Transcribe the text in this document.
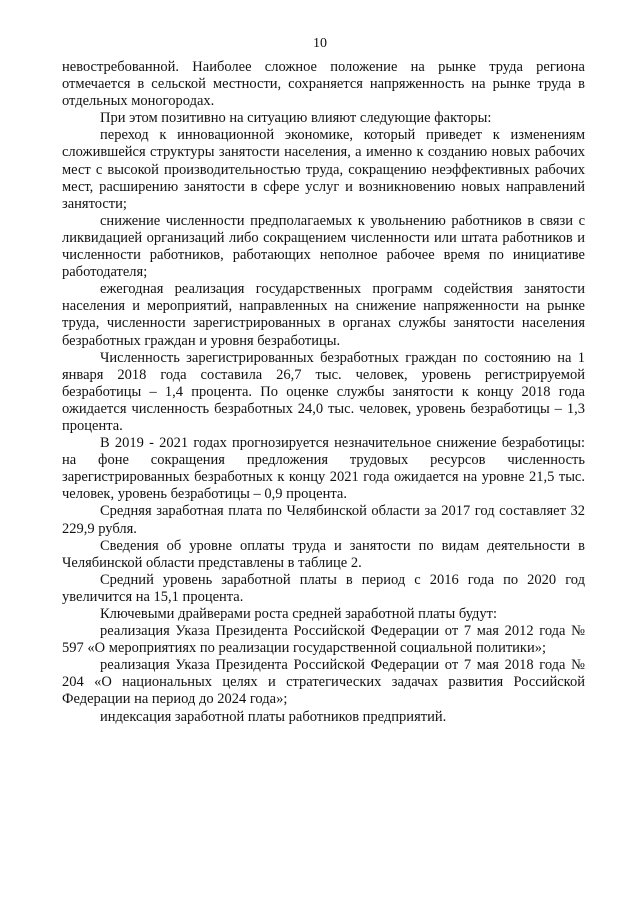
10

невостребованной. Наиболее сложное положение на рынке труда региона отмечается в сельской местности, сохраняется напряженность на рынке труда в отдельных моногородах.

При этом позитивно на ситуацию влияют следующие факторы:

переход к инновационной экономике, который приведет к изменениям сложившейся структуры занятости населения, а именно к созданию новых рабочих мест с высокой производительностью труда, сокращению неэффективных рабочих мест, расширению занятости в сфере услуг и возникновению новых направлений занятости;

снижение численности предполагаемых к увольнению работников в связи с ликвидацией организаций либо сокращением численности или штата работников и численности работников, работающих неполное рабочее время по инициативе работодателя;

ежегодная реализация государственных программ содействия занятости населения и мероприятий, направленных на снижение напряженности на рынке труда, численности зарегистрированных в органах службы занятости населения безработных граждан и уровня безработицы.

Численность зарегистрированных безработных граждан по состоянию на 1 января 2018 года составила 26,7 тыс. человек, уровень регистрируемой безработицы – 1,4 процента. По оценке службы занятости к концу 2018 года ожидается численность безработных 24,0 тыс. человек, уровень безработицы – 1,3 процента.

В 2019 - 2021 годах прогнозируется незначительное снижение безработицы: на фоне сокращения предложения трудовых ресурсов численность зарегистрированных безработных к концу 2021 года ожидается на уровне 21,5 тыс. человек, уровень безработицы – 0,9 процента.

Средняя заработная плата по Челябинской области за 2017 год составляет 32 229,9 рубля.

Сведения об уровне оплаты труда и занятости по видам деятельности в Челябинской области представлены в таблице 2.

Средний уровень заработной платы в период с 2016 года по 2020 год увеличится на 15,1 процента.

Ключевыми драйверами роста средней заработной платы будут:

реализация Указа Президента Российской Федерации от 7 мая 2012 года № 597 «О мероприятиях по реализации государственной социальной политики»;

реализация Указа Президента Российской Федерации от 7 мая 2018 года № 204 «О национальных целях и стратегических задачах развития Российской Федерации на период до 2024 года»;

индексация заработной платы работников предприятий.
